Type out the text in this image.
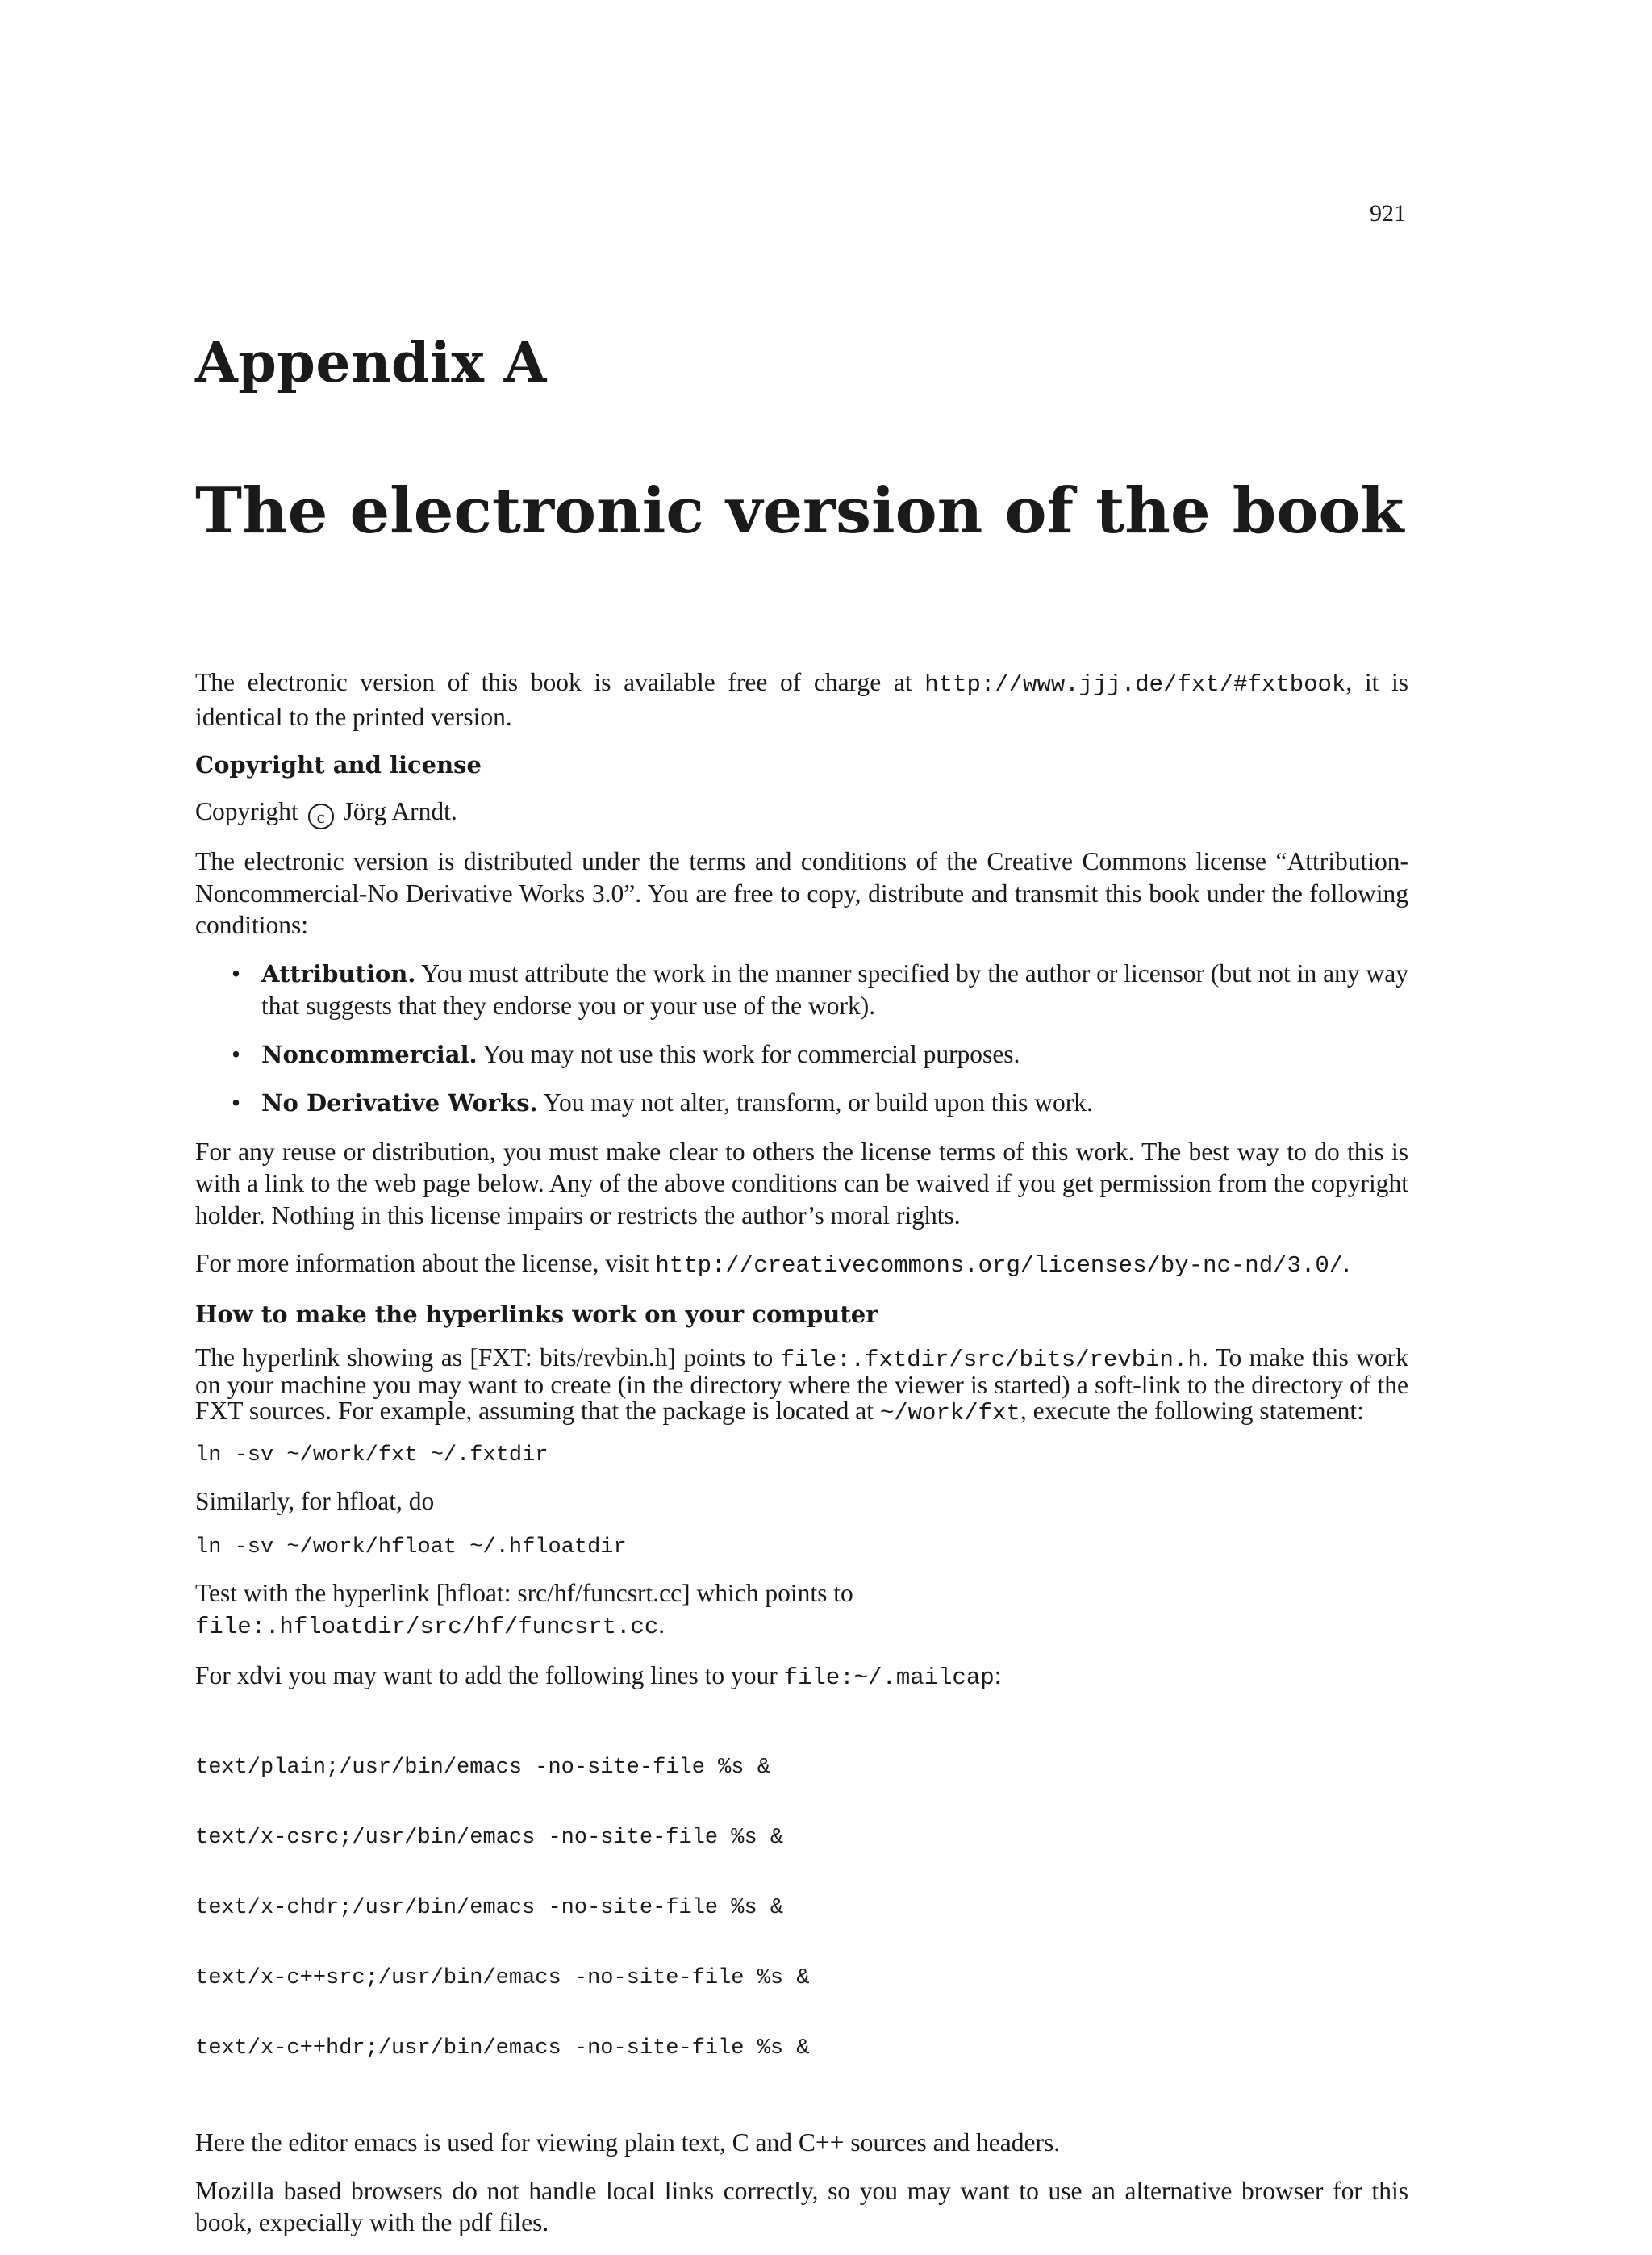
921
Appendix A
The electronic version of the book

The electronic version of this book is available free of charge at http://www.jjj.de/fxt/#fxtbook, it is identical to the printed version.

Copyright and license

Copyright c Jörg Arndt.

The electronic version is distributed under the terms and conditions of the Creative Commons license “Attribution-Noncommercial-No Derivative Works 3.0”. You are free to copy, distribute and transmit this book under the following conditions:

• Attribution. You must attribute the work in the manner specified by the author or licensor (but not in any way that suggests that they endorse you or your use of the work).
• Noncommercial. You may not use this work for commercial purposes.
• No Derivative Works. You may not alter, transform, or build upon this work.

For any reuse or distribution, you must make clear to others the license terms of this work. The best way to do this is with a link to the web page below. Any of the above conditions can be waived if you get permission from the copyright holder. Nothing in this license impairs or restricts the author’s moral rights.

For more information about the license, visit http://creativecommons.org/licenses/by-nc-nd/3.0/.

How to make the hyperlinks work on your computer

The hyperlink showing as [FXT: bits/revbin.h] points to file:.fxtdir/src/bits/revbin.h. To make this work on your machine you may want to create (in the directory where the viewer is started) a soft-link to the directory of the FXT sources. For example, assuming that the package is located at ~/work/fxt, execute the following statement:

ln -sv ~/work/fxt ~/.fxtdir

Similarly, for hfloat, do

ln -sv ~/work/hfloat ~/.hfloatdir

Test with the hyperlink [hfloat: src/hf/funcsrt.cc] which points to
file:.hfloatdir/src/hf/funcsrt.cc.

For xdvi you may want to add the following lines to your file:~/.mailcap:

text/plain;/usr/bin/emacs -no-site-file %s &

text/x-csrc;/usr/bin/emacs -no-site-file %s &

text/x-chdr;/usr/bin/emacs -no-site-file %s &

text/x-c++src;/usr/bin/emacs -no-site-file %s &

text/x-c++hdr;/usr/bin/emacs -no-site-file %s &

Here the editor emacs is used for viewing plain text, C and C++ sources and headers.

Mozilla based browsers do not handle local links correctly, so you may want to use an alternative browser for this book, expecially with the pdf files.
